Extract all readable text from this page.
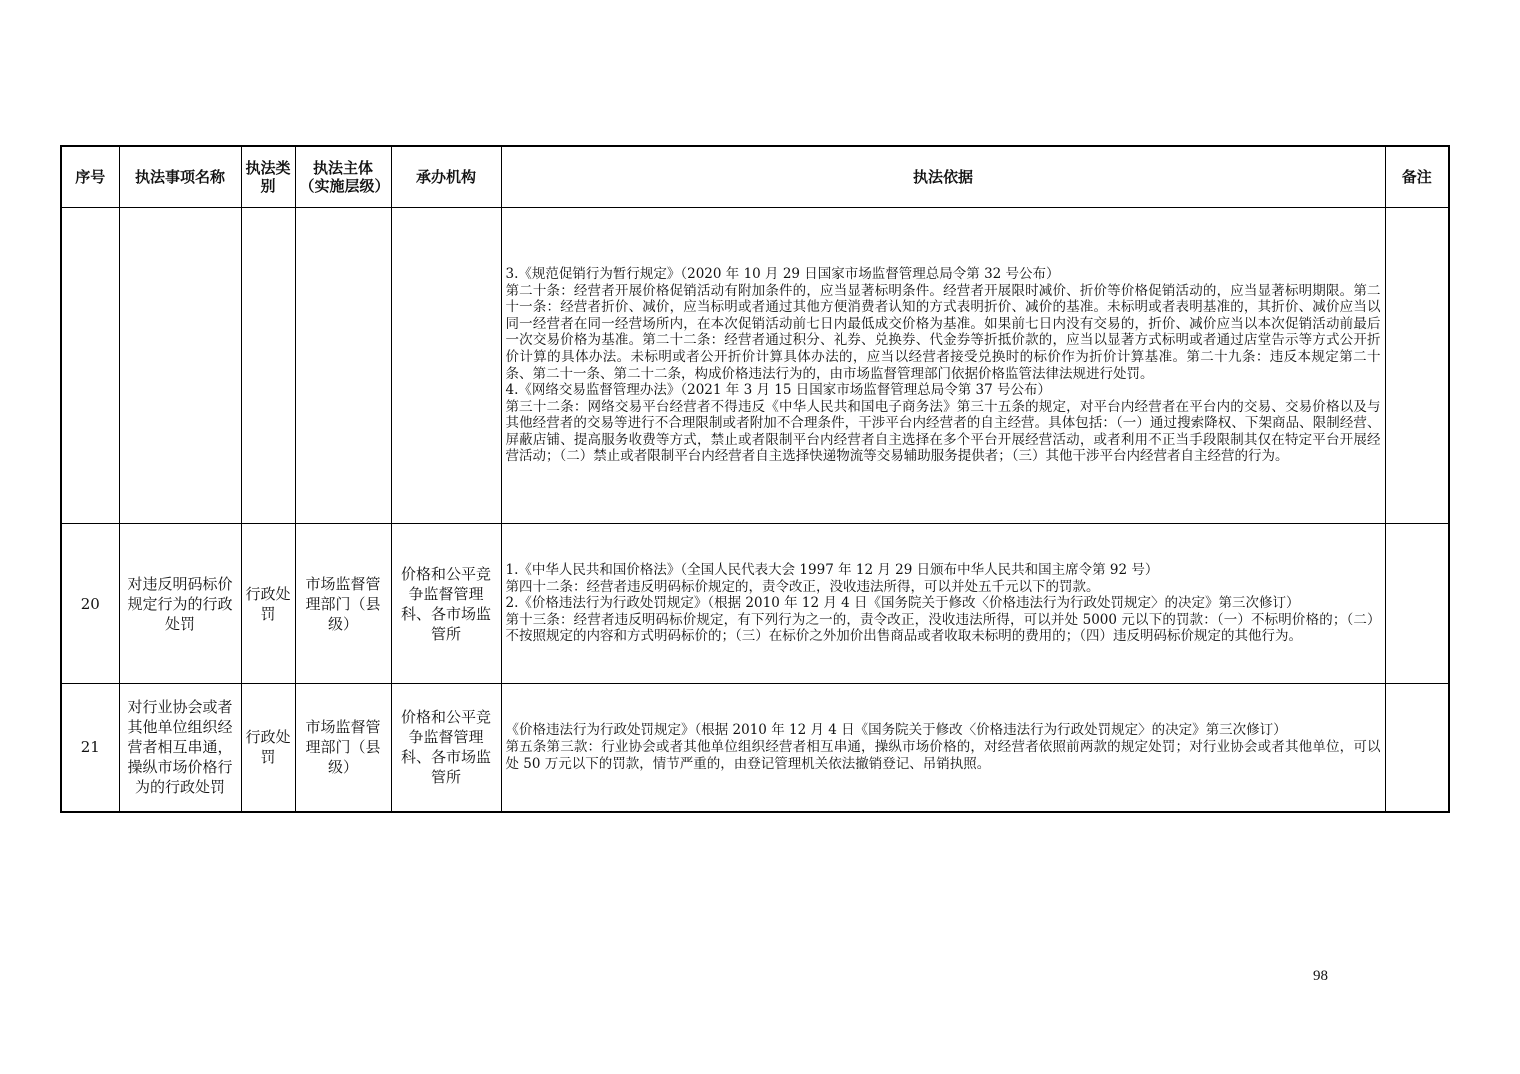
序号	执法事项名称	执法类别	执法主体（实施层级）	承办机构	执法依据	备注

					3.《规范促销行为暂行规定》（2020 年 10 月 29 日国家市场监督管理总局令第 32 号公布）
第二十条：经营者开展价格促销活动有附加条件的，应当显著标明条件。经营者开展限时减价、折价等价格促销活动的，应当显著标明期限。第二十一条：经营者折价、减价，应当标明或者通过其他方便消费者认知的方式表明折价、减价的基准。未标明或者表明基准的，其折价、减价应当以同一经营者在同一经营场所内，在本次促销活动前七日内最低成交价格为基准。如果前七日内没有交易的，折价、减价应当以本次促销活动前最后一次交易价格为基准。第二十二条：经营者通过积分、礼券、兑换券、代金券等折抵价款的，应当以显著方式标明或者通过店堂告示等方式公开折价计算的具体办法。未标明或者公开折价计算具体办法的，应当以经营者接受兑换时的标价作为折价计算基准。第二十九条：违反本规定第二十条、第二十一条、第二十二条，构成价格违法行为的，由市场监督管理部门依据价格监管法律法规进行处罚。
4.《网络交易监督管理办法》（2021 年 3 月 15 日国家市场监督管理总局令第 37 号公布）
第三十二条：网络交易平台经营者不得违反《中华人民共和国电子商务法》第三十五条的规定，对平台内经营者在平台内的交易、交易价格以及与其他经营者的交易等进行不合理限制或者附加不合理条件，干涉平台内经营者的自主经营。具体包括：（一）通过搜索降权、下架商品、限制经营、屏蔽店铺、提高服务收费等方式，禁止或者限制平台内经营者自主选择在多个平台开展经营活动，或者利用不正当手段限制其仅在特定平台开展经营活动；（二）禁止或者限制平台内经营者自主选择快递物流等交易辅助服务提供者；（三）其他干涉平台内经营者自主经营的行为。	

20	对违反明码标价规定行为的行政处罚	行政处罚	市场监督管理部门（县级）	价格和公平竞争监督管理科、各市场监管所	1.《中华人民共和国价格法》（全国人民代表大会 1997 年 12 月 29 日颁布中华人民共和国主席令第 92 号）
第四十二条：经营者违反明码标价规定的，责令改正，没收违法所得，可以并处五千元以下的罚款。
2.《价格违法行为行政处罚规定》（根据 2010 年 12 月 4 日《国务院关于修改〈价格违法行为行政处罚规定〉的决定》第三次修订）
第十三条：经营者违反明码标价规定，有下列行为之一的，责令改正，没收违法所得，可以并处 5000 元以下的罚款：（一）不标明价格的；（二）不按照规定的内容和方式明码标价的；（三）在标价之外加价出售商品或者收取未标明的费用的；（四）违反明码标价规定的其他行为。	

21	对行业协会或者其他单位组织经营者相互串通，操纵市场价格行为的行政处罚	行政处罚	市场监督管理部门（县级）	价格和公平竞争监督管理科、各市场监管所	《价格违法行为行政处罚规定》（根据 2010 年 12 月 4 日《国务院关于修改〈价格违法行为行政处罚规定〉的决定》第三次修订）
第五条第三款：行业协会或者其他单位组织经营者相互串通，操纵市场价格的，对经营者依照前两款的规定处罚；对行业协会或者其他单位，可以处 50 万元以下的罚款，情节严重的，由登记管理机关依法撤销登记、吊销执照。	

98
